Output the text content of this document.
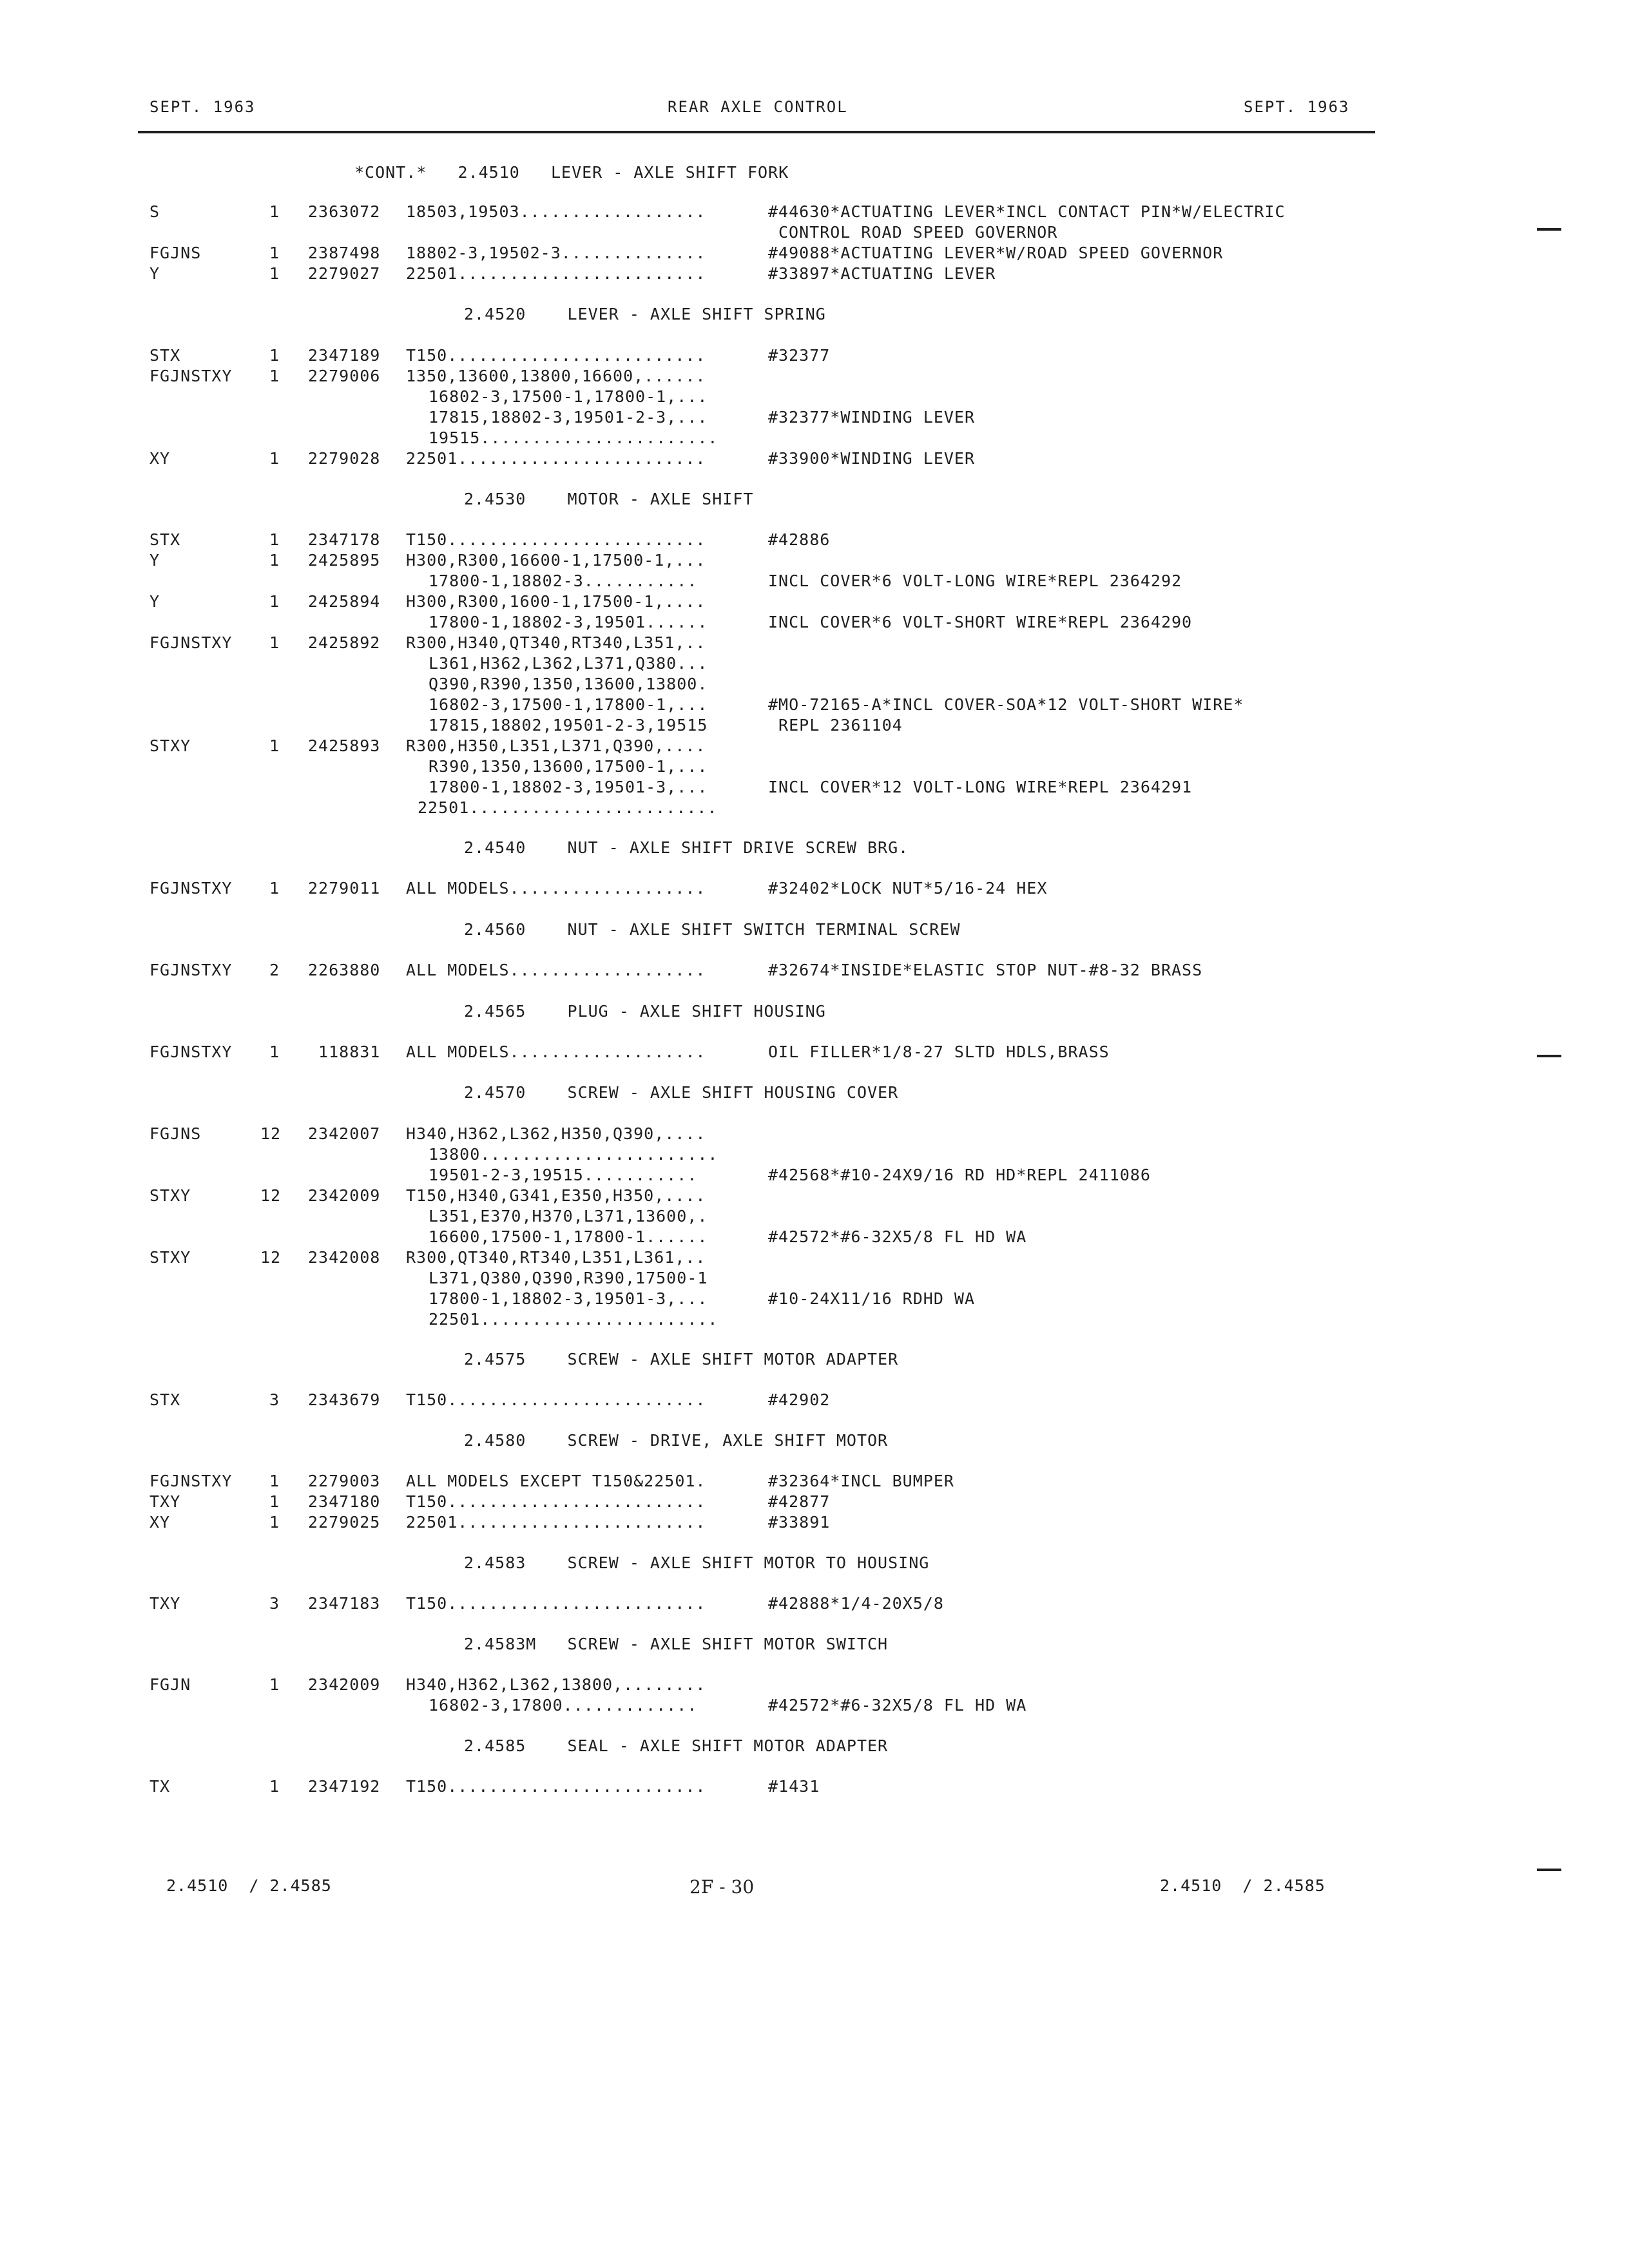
SEPT. 1963	REAR AXLE CONTROL	SEPT. 1963
*CONT.*   2.4510   LEVER - AXLE SHIFT FORK
S	1 2363072 18503,19503..................	#44630*ACTUATING LEVER*INCL CONTACT PIN*W/ELECTRIC
CONTROL ROAD SPEED GOVERNOR
FGJNS	1 2387498 18802-3,19502-3..............	#49088*ACTUATING LEVER*W/ROAD SPEED GOVERNOR
Y	1 2279027 22501........................	#33897*ACTUATING LEVER
2.4520    LEVER - AXLE SHIFT SPRING
STX	1 2347189 T150.........................	#32377
FGJNSTXY 1 2279006 1350,13600,13800,16600,......
16802-3,17500-1,17800-1,...
17815,18802-3,19501-2-3,...	#32377*WINDING LEVER
19515.......................
XY	1 2279028 22501........................	#33900*WINDING LEVER
2.4530    MOTOR - AXLE SHIFT
STX	1 2347178 T150.........................	#42886
Y	1 2425895 H300,R300,16600-1,17500-1,...
17800-1,18802-3...........	INCL COVER*6 VOLT-LONG WIRE*REPL 2364292
Y	1 2425894 H300,R300,1600-1,17500-1,....
17800-1,18802-3,19501......	INCL COVER*6 VOLT-SHORT WIRE*REPL 2364290
FGJNSTXY 1 2425892 R300,H340,QT340,RT340,L351,..
L361,H362,L362,L371,Q380...
Q390,R390,1350,13600,13800.
16802-3,17500-1,17800-1,...	#MO-72165-A*INCL COVER-SOA*12 VOLT-SHORT WIRE*
17815,18802,19501-2-3,19515	REPL 2361104
STXY	1 2425893 R300,H350,L351,L371,Q390,....
R390,1350,13600,17500-1,...
17800-1,18802-3,19501-3,...	INCL COVER*12 VOLT-LONG WIRE*REPL 2364291
22501........................
2.4540    NUT - AXLE SHIFT DRIVE SCREW BRG.
FGJNSTXY 1 2279011 ALL MODELS...................	#32402*LOCK NUT*5/16-24 HEX
2.4560    NUT - AXLE SHIFT SWITCH TERMINAL SCREW
FGJNSTXY 2 2263880 ALL MODELS...................	#32674*INSIDE*ELASTIC STOP NUT-#8-32 BRASS
2.4565    PLUG - AXLE SHIFT HOUSING
FGJNSTXY 1 118831 ALL MODELS...................	OIL FILLER*1/8-27 SLTD HDLS,BRASS
2.4570    SCREW - AXLE SHIFT HOUSING COVER
FGJNS	12 2342007 H340,H362,L362,H350,Q390,....
13800.......................
19501-2-3,19515...........	#42568*#10-24X9/16 RD HD*REPL 2411086
STXY	12 2342009 T150,H340,G341,E350,H350,....
L351,E370,H370,L371,13600,.
16600,17500-1,17800-1......	#42572*#6-32X5/8 FL HD WA
STXY	12 2342008 R300,QT340,RT340,L351,L361,..
L371,Q380,Q390,R390,17500-1
17800-1,18802-3,19501-3,...	#10-24X11/16 RDHD WA
22501.......................
2.4575    SCREW - AXLE SHIFT MOTOR ADAPTER
STX	3 2343679 T150.........................	#42902
2.4580    SCREW - DRIVE, AXLE SHIFT MOTOR
FGJNSTXY 1 2279003 ALL MODELS EXCEPT T150&22501.	#32364*INCL BUMPER
TXY	1 2347180 T150.........................	#42877
XY	1 2279025 22501........................	#33891
2.4583    SCREW - AXLE SHIFT MOTOR TO HOUSING
TXY	3 2347183 T150.........................	#42888*1/4-20X5/8
2.4583M   SCREW - AXLE SHIFT MOTOR SWITCH
FGJN	1 2342009 H340,H362,L362,13800,........
16802-3,17800.............	#42572*#6-32X5/8 FL HD WA
2.4585    SEAL - AXLE SHIFT MOTOR ADAPTER
TX	1 2347192 T150.........................	#1431
2.4510  / 2.4585	2F - 30	2.4510  / 2.4585
